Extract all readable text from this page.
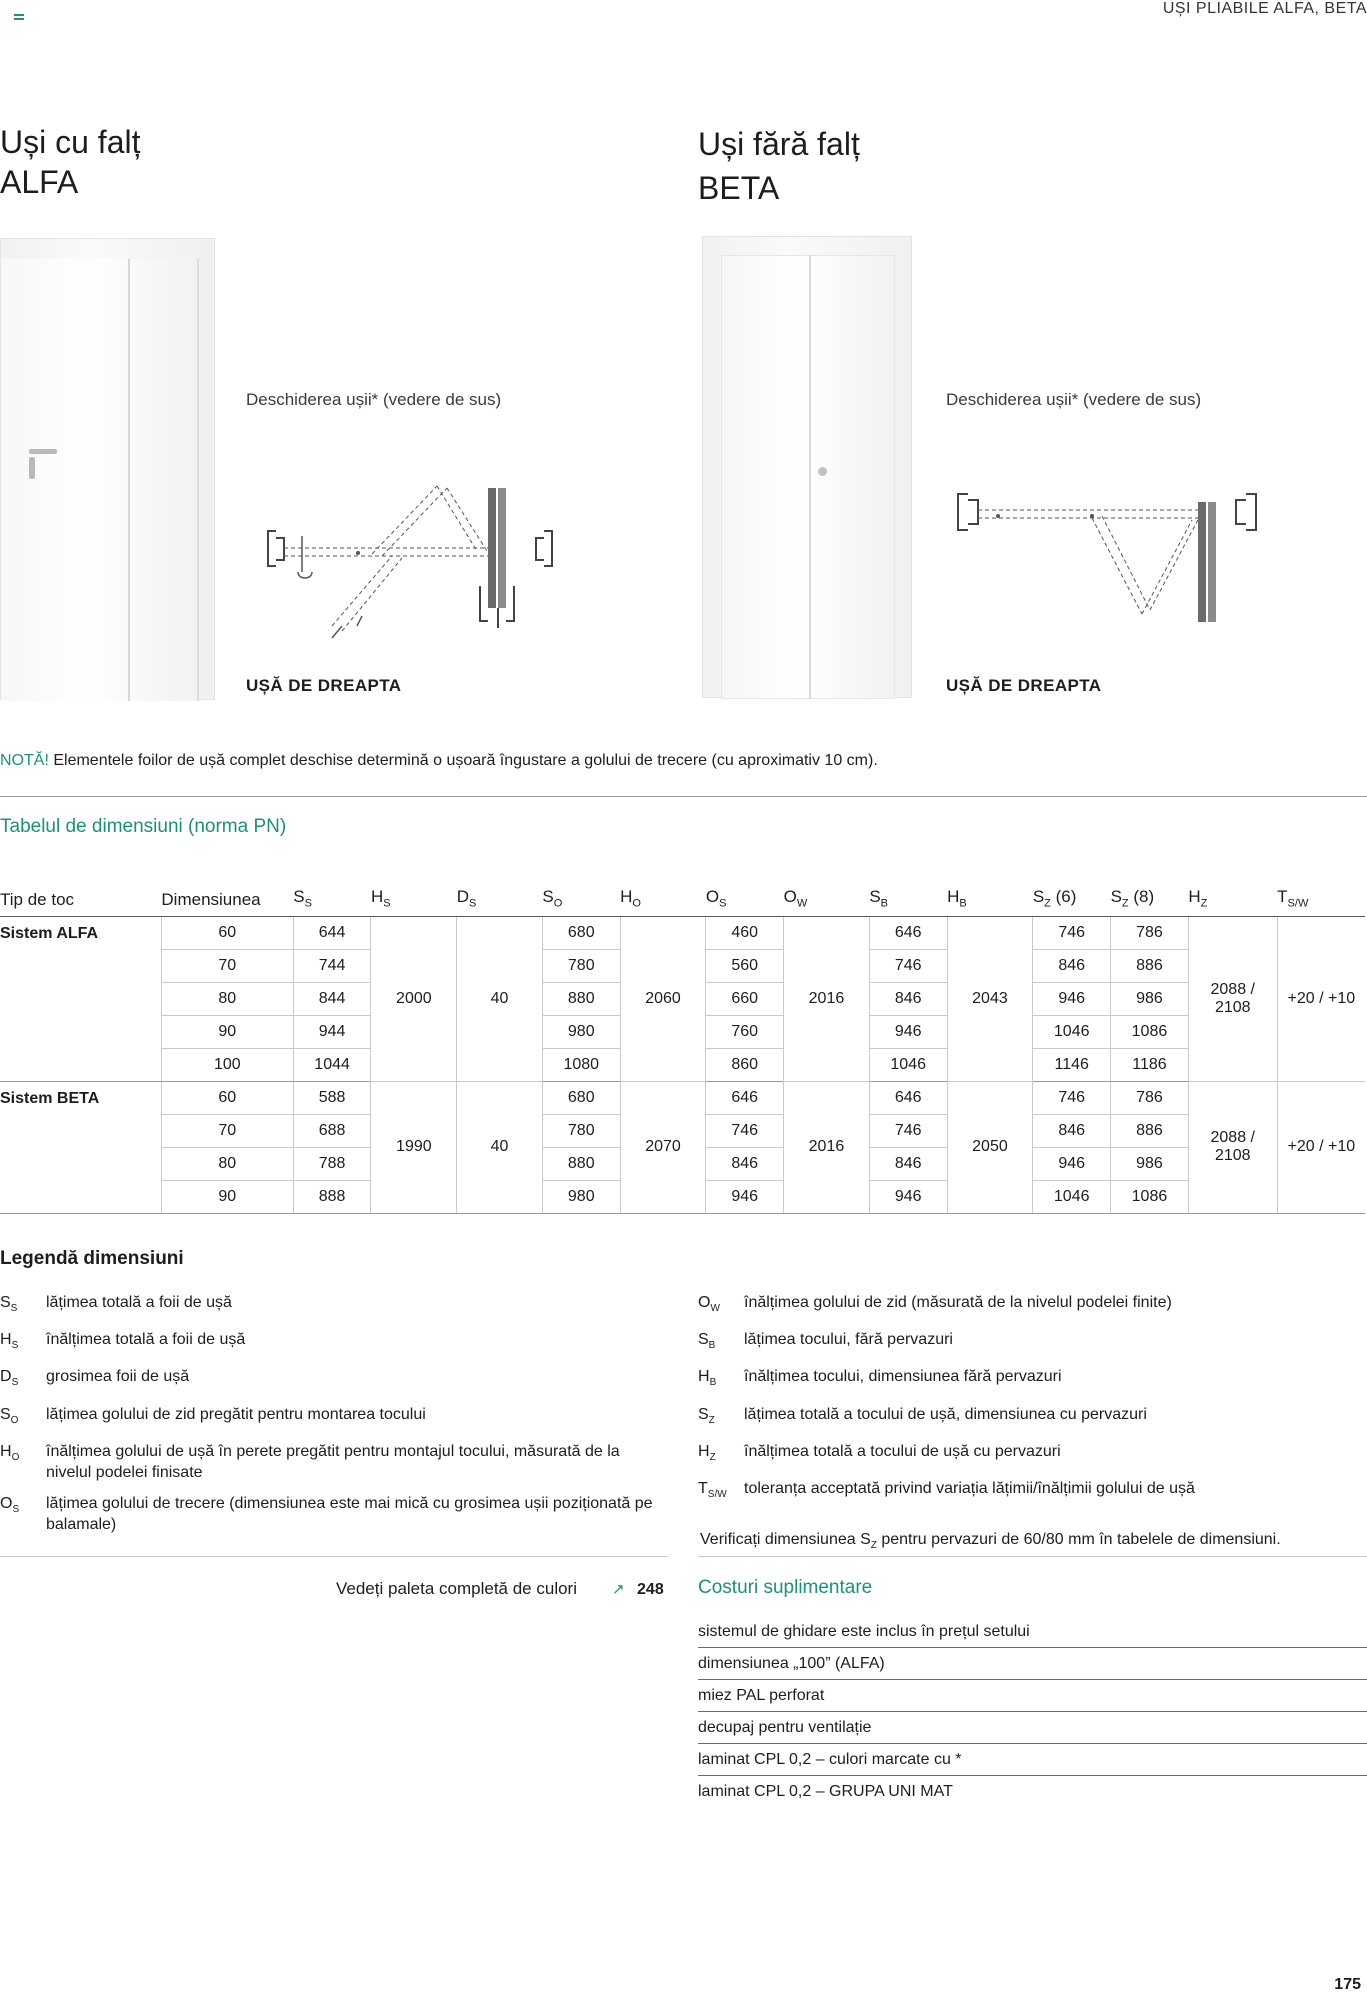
UȘI PLIABILE ALFA, BETA
Uși cu falț
ALFA
Uși fără falț
BETA
Deschiderea ușii* (vedere de sus)
UȘĂ DE DREAPTA
Deschiderea ușii* (vedere de sus)
UȘĂ DE DREAPTA
NOTĂ! Elementele foilor de ușă complet deschise determină o ușoară îngustare a golului de trecere (cu aproximativ 10 cm).
Tabelul de dimensiuni (norma PN)
Tip de toc	Dimensiunea	$S_S$	$H_S$	$D_S$	$S_O$	$H_O$	$O_S$	$O_W$	$S_B$	$H_B$	$S_Z$ (6)	$S_Z$ (8)	$H_Z$	$T_{S/W}$
Sistem ALFA	60	644	2000	40	680	2060	460	2016	646	2043	746	786	2088 / 2108	+20 / +10
	70	744			780		560		746		846	886		
	80	844			880		660		846		946	986		
	90	944			980		760		946		1046	1086		
	100	1044			1080		860		1046		1146	1186		
Sistem BETA	60	588	1990	40	680	2070	646	2016	646	2050	746	786	2088 / 2108	+20 / +10
	70	688			780		746		746		846	886		
	80	788			880		846		846		946	986		
	90	888			980		946		946		1046	1086		
Legendă dimensiuni
$S_S$	lățimea totală a foii de ușă
$H_S$	înălțimea totală a foii de ușă
$D_S$	grosimea foii de ușă
$S_O$	lățimea golului de zid pregătit pentru montarea tocului
$H_O$	înălțimea golului de ușă în perete pregătit pentru montajul tocului, măsurată de la nivelul podelei finisate
$O_S$	lățimea golului de trecere (dimensiunea este mai mică cu grosimea ușii poziționată pe balamale)
$O_W$	înălțimea golului de zid (măsurată de la nivelul podelei finite)
$S_B$	lățimea tocului, fără pervazuri
$H_B$	înălțimea tocului, dimensiunea fără pervazuri
$S_Z$	lățimea totală a tocului de ușă, dimensiunea cu pervazuri
$H_Z$	înălțimea totală a tocului de ușă cu pervazuri
$T_{S/W}$	toleranța acceptată privind variația lățimii/înălțimii golului de ușă
Verificați dimensiunea $S_Z$ pentru pervazuri de 60/80 mm în tabelele de dimensiuni.
Vedeți paleta completă de culori ↗ 248 Costuri suplimentare
sistemul de ghidare este inclus în prețul setului
dimensiunea „100” (ALFA)
miez PAL perforat
decupaj pentru ventilație
laminat CPL 0,2 – culori marcate cu *
laminat CPL 0,2 – GRUPA UNI MAT
175
